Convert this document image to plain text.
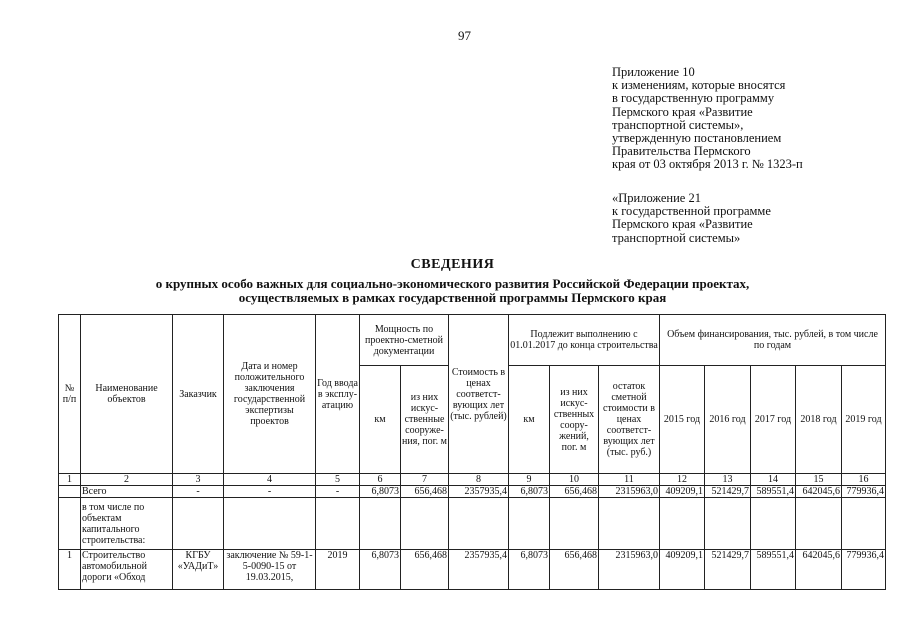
97
Приложение 10
к изменениям, которые вносятся
в государственную программу
Пермского края «Развитие
транспортной системы»,
утвержденную постановлением
Правительства Пермского
края от 03 октября 2013 г. № 1323-п
«Приложение 21
к государственной программе
Пермского края «Развитие
транспортной системы»
СВЕДЕНИЯ
о крупных особо важных для социально-экономического развития Российской Федерации проектах,
осуществляемых в рамках государственной программы Пермского края
№ п/п	Наименование объектов	Заказчик	Дата и номер положительного заключения государственной экспертизы проектов	Год ввода в эксплу-атацию	Мощность по проектно-сметной документации		Стоимость в ценах соответст-вующих лет (тыс. рублей)	Подлежит выполнению с 01.01.2017 до конца строительства			Объем финансирования, тыс. рублей, в том числе по годам				
					км	из них искус-ственные сооруже-ния, пог. м		км	из них искус-ственных соору-жений, пог. м	остаток сметной стоимости в ценах соответст-вующих лет (тыс. руб.)	2015 год	2016 год	2017 год	2018 год	2019 год
1	2	3	4	5	6	7	8	9	10	11	12	13	14	15	16
	Всего	-	-	-	6,8073	656,468	2357935,4	6,8073	656,468	2315963,0	409209,1	521429,7	589551,4	642045,6	779936,4
	в том числе по объектам капитального строительства:														
1	Строительство автомобильной дороги «Обход	КГБУ «УАДиТ»	заключение № 59-1-5-0090-15 от 19.03.2015,	2019	6,8073	656,468	2357935,4	6,8073	656,468	2315963,0	409209,1	521429,7	589551,4	642045,6	779936,4
